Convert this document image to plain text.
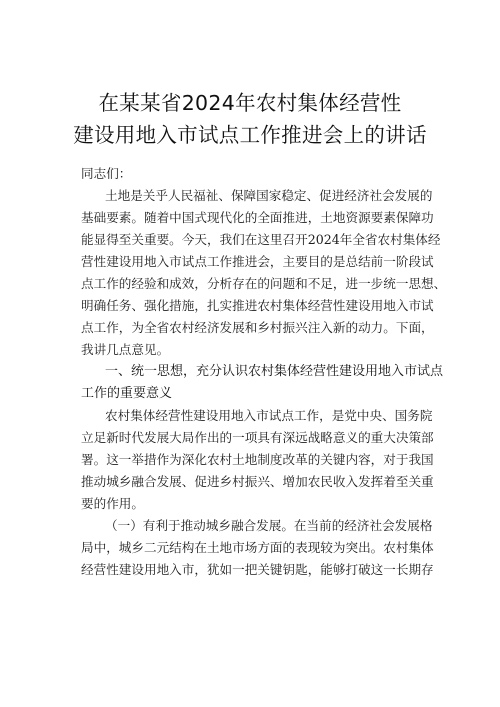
在某某省2024年农村集体经营性
建设用地入市试点工作推进会上的讲话
同志们：
土地是关乎人民福祉、保障国家稳定、促进经济社会发展的
基础要素。随着中国式现代化的全面推进，土地资源要素保障功
能显得至关重要。今天，我们在这里召开2024年全省农村集体经
营性建设用地入市试点工作推进会，主要目的是总结前一阶段试
点工作的经验和成效，分析存在的问题和不足，进一步统一思想、
明确任务、强化措施，扎实推进农村集体经营性建设用地入市试
点工作，为全省农村经济发展和乡村振兴注入新的动力。下面，
我讲几点意见。
一、统一思想，充分认识农村集体经营性建设用地入市试点
工作的重要意义
农村集体经营性建设用地入市试点工作，是党中央、国务院
立足新时代发展大局作出的一项具有深远战略意义的重大决策部
署。这一举措作为深化农村土地制度改革的关键内容，对于我国
推动城乡融合发展、促进乡村振兴、增加农民收入发挥着至关重
要的作用。
（一）有利于推动城乡融合发展。在当前的经济社会发展格
局中，城乡二元结构在土地市场方面的表现较为突出。农村集体
经营性建设用地入市，犹如一把关键钥匙，能够打破这一长期存
